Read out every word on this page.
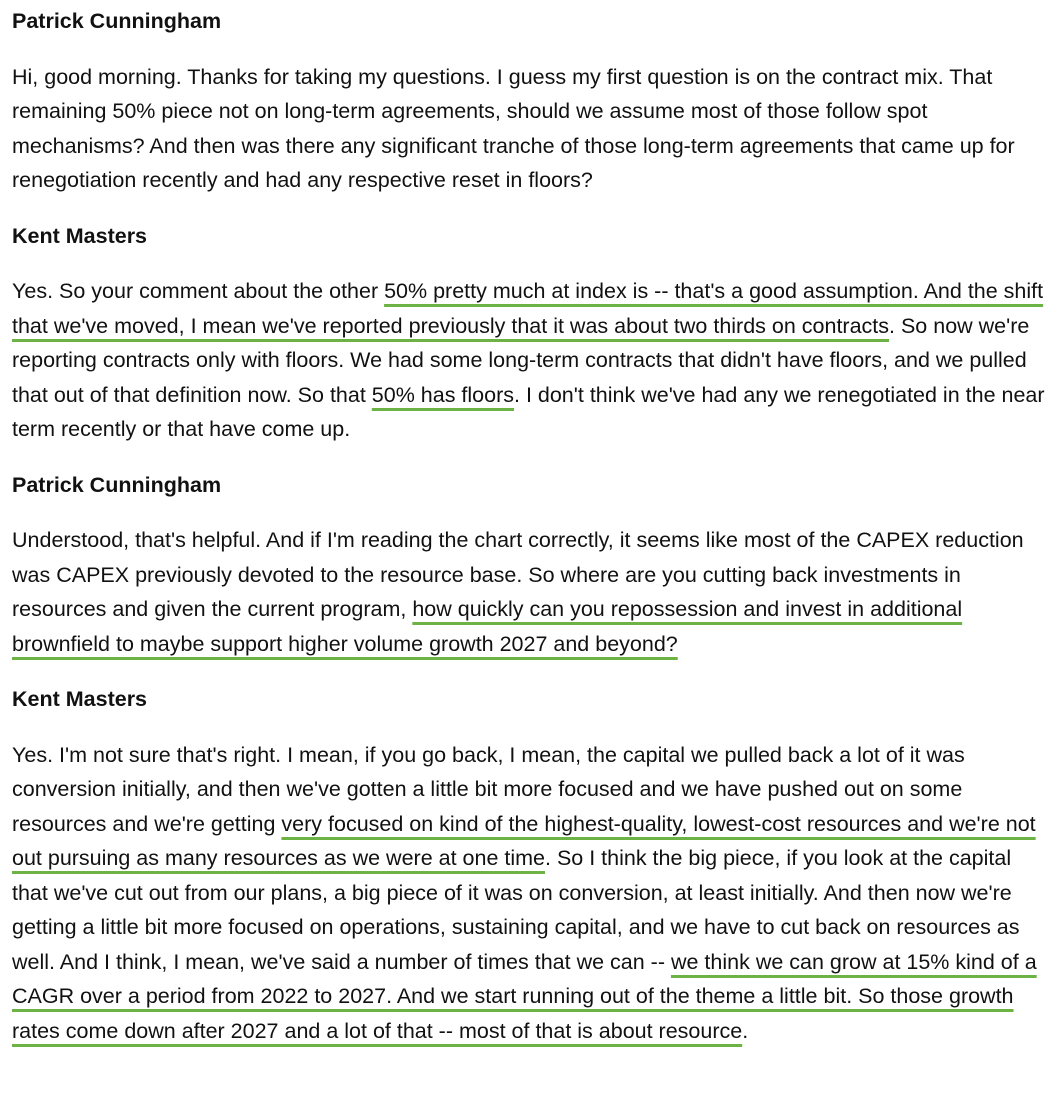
Patrick Cunningham

Hi, good morning. Thanks for taking my questions. I guess my first question is on the contract mix. That remaining 50% piece not on long-term agreements, should we assume most of those follow spot mechanisms? And then was there any significant tranche of those long-term agreements that came up for renegotiation recently and had any respective reset in floors?

Kent Masters

Yes. So your comment about the other 50% pretty much at index is -- that's a good assumption. And the shift that we've moved, I mean we've reported previously that it was about two thirds on contracts. So now we're reporting contracts only with floors. We had some long-term contracts that didn't have floors, and we pulled that out of that definition now. So that 50% has floors. I don't think we've had any we renegotiated in the near term recently or that have come up.

Patrick Cunningham

Understood, that's helpful. And if I'm reading the chart correctly, it seems like most of the CAPEX reduction was CAPEX previously devoted to the resource base. So where are you cutting back investments in resources and given the current program, how quickly can you repossession and invest in additional brownfield to maybe support higher volume growth 2027 and beyond?

Kent Masters

Yes. I'm not sure that's right. I mean, if you go back, I mean, the capital we pulled back a lot of it was conversion initially, and then we've gotten a little bit more focused and we have pushed out on some resources and we're getting very focused on kind of the highest-quality, lowest-cost resources and we're not out pursuing as many resources as we were at one time. So I think the big piece, if you look at the capital that we've cut out from our plans, a big piece of it was on conversion, at least initially. And then now we're getting a little bit more focused on operations, sustaining capital, and we have to cut back on resources as well. And I think, I mean, we've said a number of times that we can -- we think we can grow at 15% kind of a CAGR over a period from 2022 to 2027. And we start running out of the theme a little bit. So those growth rates come down after 2027 and a lot of that -- most of that is about resource.
